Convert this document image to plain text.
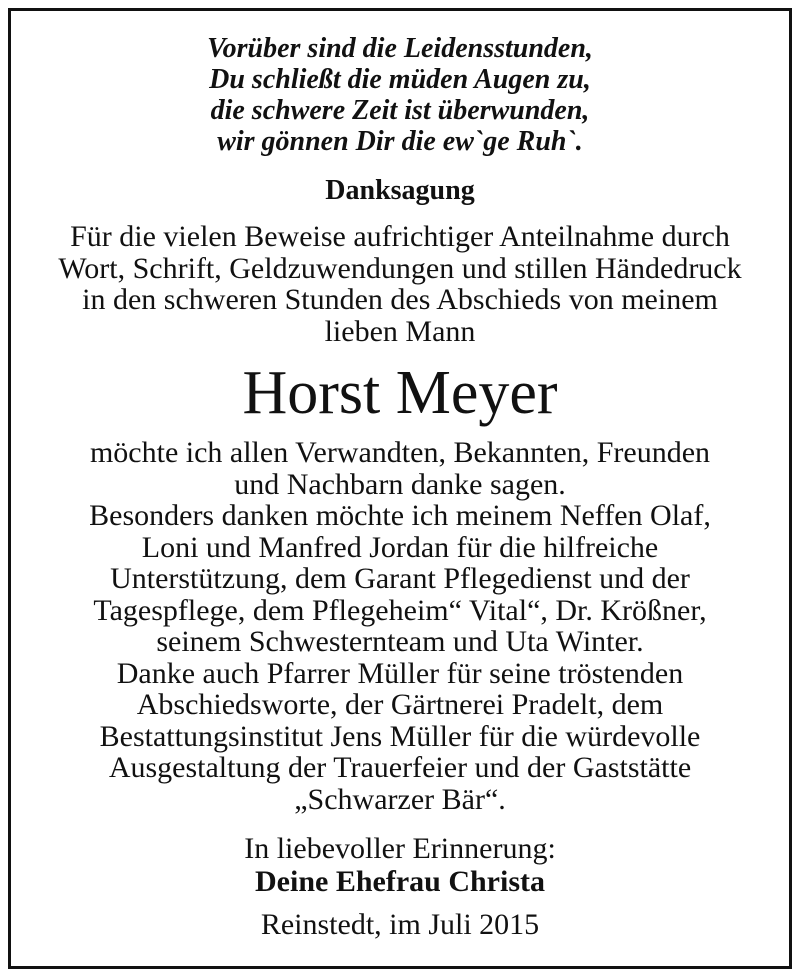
Vorüber sind die Leidensstunden,
Du schließt die müden Augen zu,
die schwere Zeit ist überwunden,
wir gönnen Dir die ew`ge Ruh`.
Danksagung
Für die vielen Beweise aufrichtiger Anteilnahme durch
Wort, Schrift, Geldzuwendungen und stillen Händedruck
in den schweren Stunden des Abschieds von meinem
lieben Mann
Horst Meyer
möchte ich allen Verwandten, Bekannten, Freunden
und Nachbarn danke sagen.
Besonders danken möchte ich meinem Neffen Olaf,
Loni und Manfred Jordan für die hilfreiche
Unterstützung, dem Garant Pflegedienst und der
Tagespflege, dem Pflegeheim“ Vital“, Dr. Krößner,
seinem Schwesternteam und Uta Winter.
Danke auch Pfarrer Müller für seine tröstenden
Abschiedsworte, der Gärtnerei Pradelt, dem
Bestattungsinstitut Jens Müller für die würdevolle
Ausgestaltung der Trauerfeier und der Gaststätte
„Schwarzer Bär“.
In liebevoller Erinnerung:
Deine Ehefrau Christa
Reinstedt, im Juli 2015
